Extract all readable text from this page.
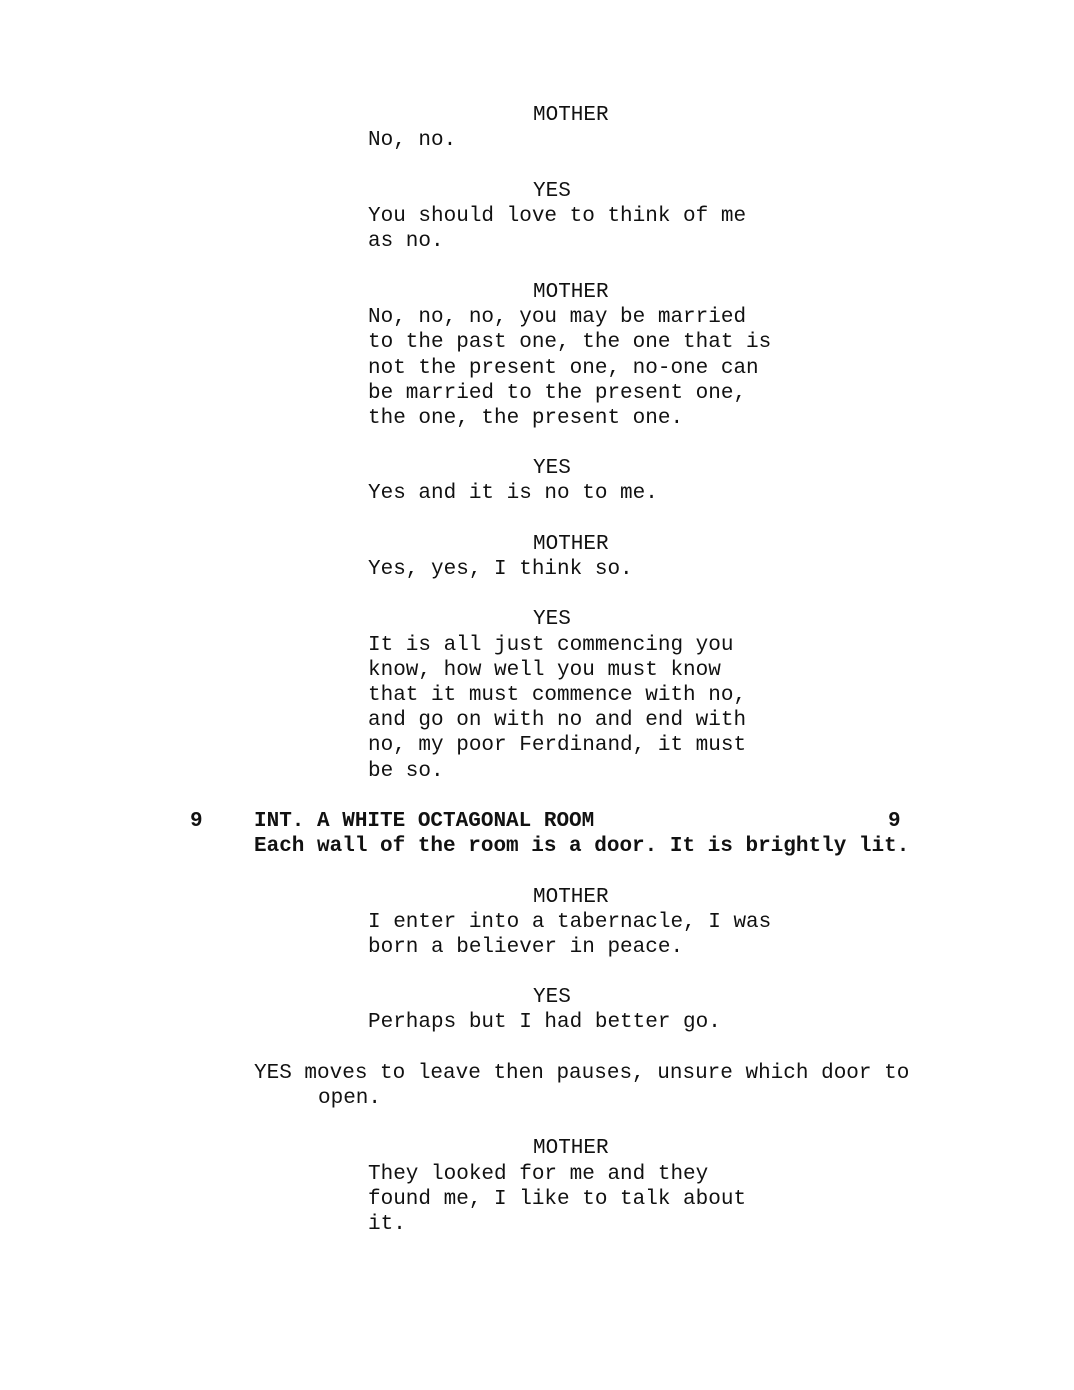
MOTHER
No, no.
YES
You should love to think of me
as no.
MOTHER
No, no, no, you may be married
to the past one, the one that is
not the present one, no-one can
be married to the present one,
the one, the present one.
YES
Yes and it is no to me.
MOTHER
Yes, yes, I think so.
YES
It is all just commencing you
know, how well you must know
that it must commence with no,
and go on with no and end with
no, my poor Ferdinand, it must
be so.
9 INT. A WHITE OCTAGONAL ROOM	9
Each wall of the room is a door. It is brightly lit.
MOTHER
I enter into a tabernacle, I was
born a believer in peace.
YES
Perhaps but I had better go.
YES moves to leave then pauses, unsure which door to
open.
MOTHER
They looked for me and they
found me, I like to talk about
it.
